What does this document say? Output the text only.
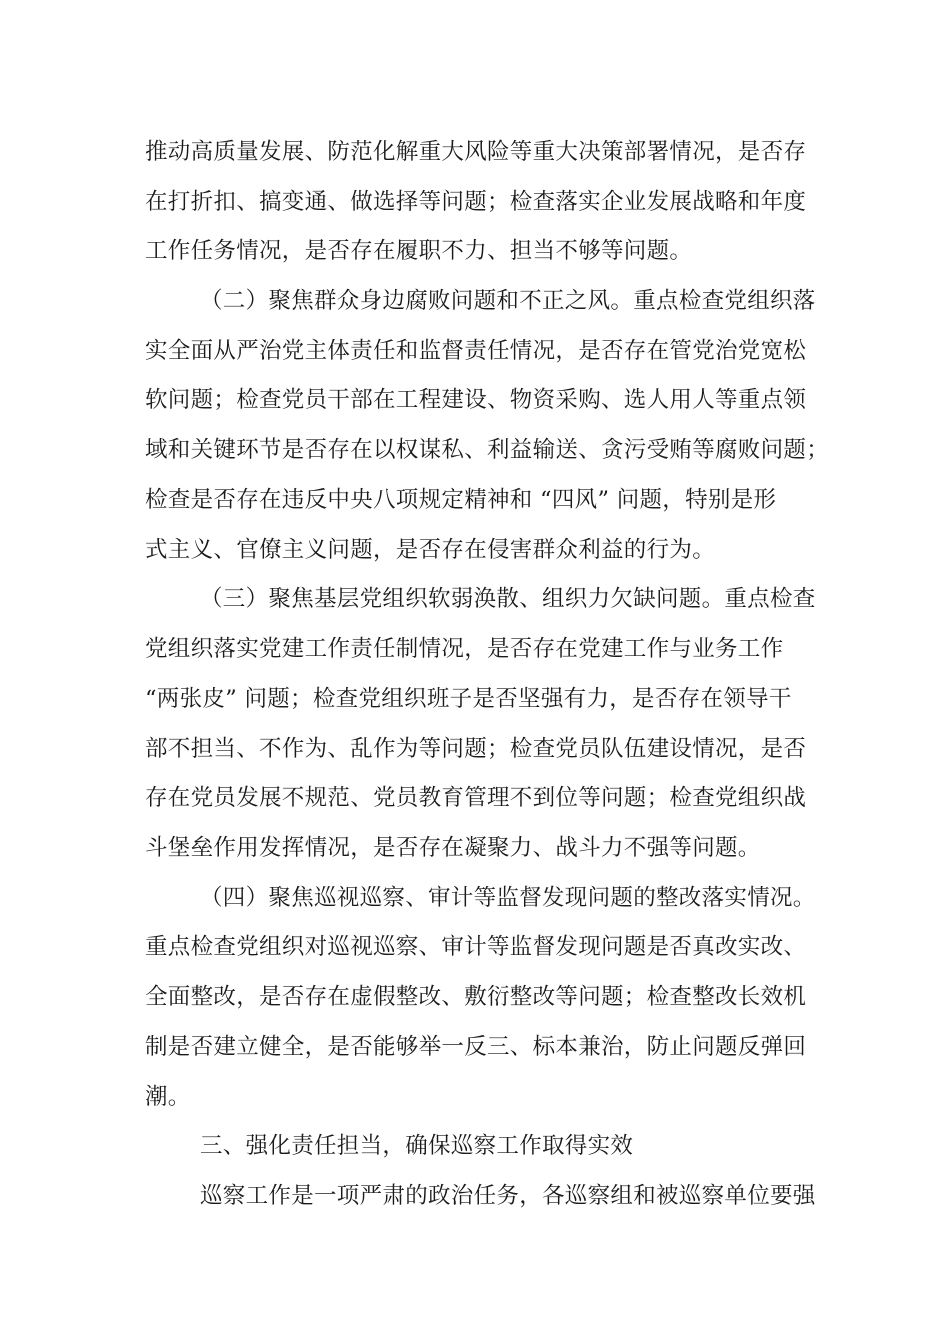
推动高质量发展、防范化解重大风险等重大决策部署情况，是否存

在打折扣、搞变通、做选择等问题；检查落实企业发展战略和年度

工作任务情况，是否存在履职不力、担当不够等问题。

（二）聚焦群众身边腐败问题和不正之风。重点检查党组织落

实全面从严治党主体责任和监督责任情况，是否存在管党治党宽松

软问题；检查党员干部在工程建设、物资采购、选人用人等重点领

域和关键环节是否存在以权谋私、利益输送、贪污受贿等腐败问题；

检查是否存在违反中央八项规定精神和 “四风” 问题，特别是形

式主义、官僚主义问题，是否存在侵害群众利益的行为。

（三）聚焦基层党组织软弱涣散、组织力欠缺问题。重点检查

党组织落实党建工作责任制情况，是否存在党建工作与业务工作

“两张皮” 问题；检查党组织班子是否坚强有力，是否存在领导干

部不担当、不作为、乱作为等问题；检查党员队伍建设情况，是否

存在党员发展不规范、党员教育管理不到位等问题；检查党组织战

斗堡垒作用发挥情况，是否存在凝聚力、战斗力不强等问题。

（四）聚焦巡视巡察、审计等监督发现问题的整改落实情况。

重点检查党组织对巡视巡察、审计等监督发现问题是否真改实改、

全面整改，是否存在虚假整改、敷衍整改等问题；检查整改长效机

制是否建立健全，是否能够举一反三、标本兼治，防止问题反弹回

潮。

三、强化责任担当，确保巡察工作取得实效

巡察工作是一项严肃的政治任务，各巡察组和被巡察单位要强
